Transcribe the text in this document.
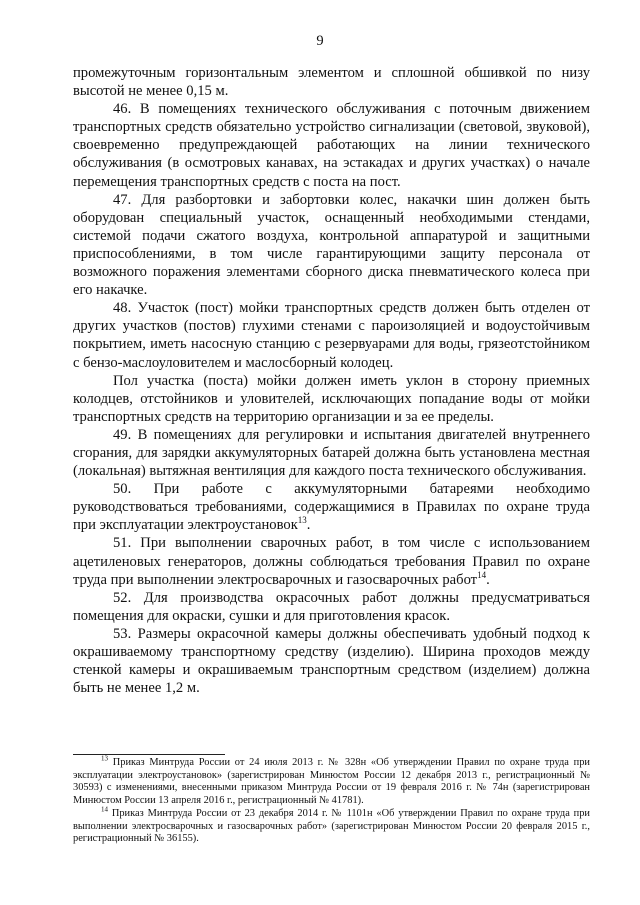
9

промежуточным горизонтальным элементом и сплошной обшивкой по низу высотой не менее 0,15 м.

46. В помещениях технического обслуживания с поточным движением транспортных средств обязательно устройство сигнализации (световой, звуковой), своевременно предупреждающей работающих на линии технического обслуживания (в осмотровых канавах, на эстакадах и других участках) о начале перемещения транспортных средств с поста на пост.

47. Для разбортовки и забортовки колес, накачки шин должен быть оборудован специальный участок, оснащенный необходимыми стендами, системой подачи сжатого воздуха, контрольной аппаратурой и защитными приспособлениями, в том числе гарантирующими защиту персонала от возможного поражения элементами сборного диска пневматического колеса при его накачке.

48. Участок (пост) мойки транспортных средств должен быть отделен от других участков (постов) глухими стенами с пароизоляцией и водоустойчивым покрытием, иметь насосную станцию с резервуарами для воды, грязеотстойником с бензо-маслоуловителем и маслосборный колодец.

Пол участка (поста) мойки должен иметь уклон в сторону приемных колодцев, отстойников и уловителей, исключающих попадание воды от мойки транспортных средств на территорию организации и за ее пределы.

49. В помещениях для регулировки и испытания двигателей внутреннего сгорания, для зарядки аккумуляторных батарей должна быть установлена местная (локальная) вытяжная вентиляция для каждого поста технического обслуживания.

50. При работе с аккумуляторными батареями необходимо руководствоваться требованиями, содержащимися в Правилах по охране труда при эксплуатации электроустановок$^{13}$.

51. При выполнении сварочных работ, в том числе с использованием ацетиленовых генераторов, должны соблюдаться требования Правил по охране труда при выполнении электросварочных и газосварочных работ$^{14}$.

52. Для производства окрасочных работ должны предусматриваться помещения для окраски, сушки и для приготовления красок.

53. Размеры окрасочной камеры должны обеспечивать удобный подход к окрашиваемому транспортному средству (изделию). Ширина проходов между стенкой камеры и окрашиваемым транспортным средством (изделием) должна быть не менее 1,2 м.

$^{13}$ Приказ Минтруда России от 24 июля 2013 г. № 328н «Об утверждении Правил по охране труда при эксплуатации электроустановок» (зарегистрирован Минюстом России 12 декабря 2013 г., регистрационный № 30593) с изменениями, внесенными приказом Минтруда России от 19 февраля 2016 г. № 74н (зарегистрирован Минюстом России 13 апреля 2016 г., регистрационный № 41781).

$^{14}$ Приказ Минтруда России от 23 декабря 2014 г. № 1101н «Об утверждении Правил по охране труда при выполнении электросварочных и газосварочных работ» (зарегистрирован Минюстом России 20 февраля 2015 г., регистрационный № 36155).
